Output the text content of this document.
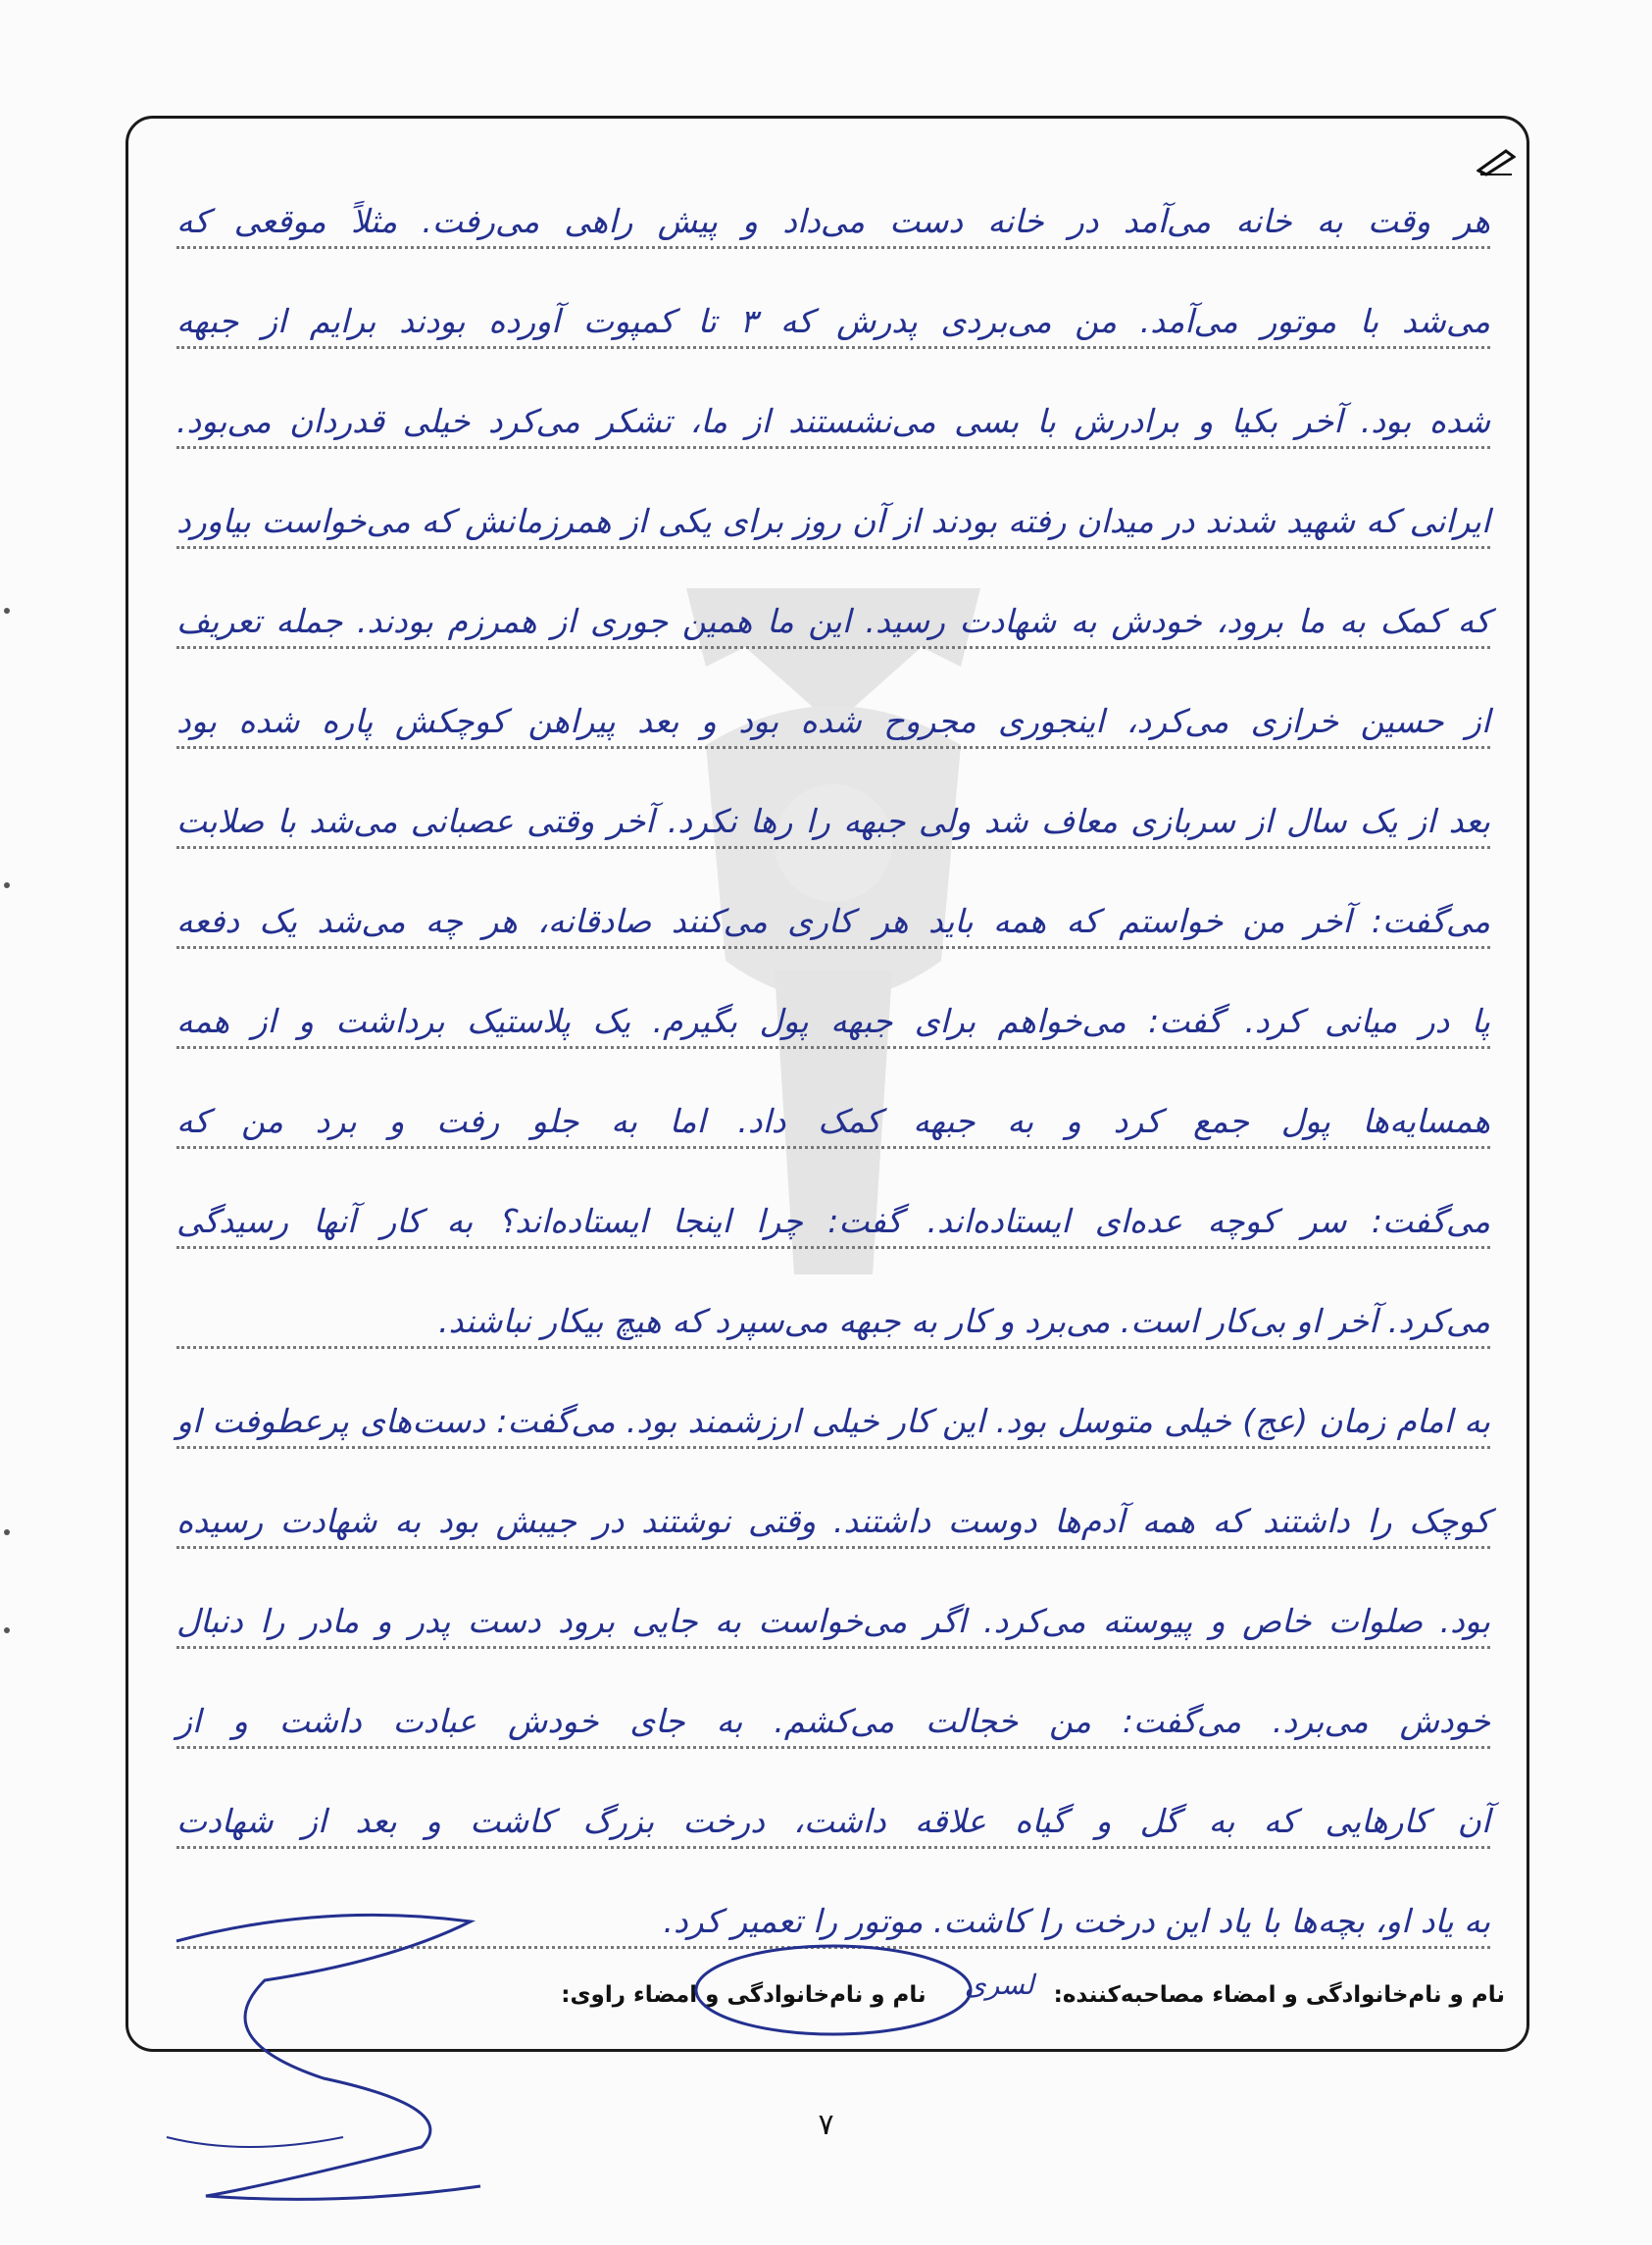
هر وقت به خانه می‌آمد در خانه دست می‌داد و پیش راهی می‌رفت. مثلاً موقعی که
می‌شد با موتور می‌آمد. من می‌بردی پدرش که ۳ تا کمپوت آورده بودند برایم از جبهه
شده بود. آخر بکیا و برادرش با بسی می‌نشستند از ما، تشکر می‌کرد خیلی قدردان می‌بود.
ایرانی که شهید شدند در میدان رفته بودند از آن روز برای یکی از همرزمانش که می‌خواست بیاورد
که کمک به ما برود، خودش به شهادت رسید. این ما همین جوری از همرزم بودند. جمله تعریف
از حسین خرازی می‌کرد، اینجوری مجروح شده بود و بعد پیراهن کوچکش پاره شده بود
بعد از یک سال از سربازی معاف شد ولی جبهه را رها نکرد. آخر وقتی عصبانی می‌شد با صلابت
می‌گفت: آخر من خواستم که همه باید هر کاری می‌کنند صادقانه، هر چه می‌شد یک دفعه
پا در میانی کرد. گفت: می‌خواهم برای جبهه پول بگیرم. یک پلاستیک برداشت و از همه
همسایه‌ها پول جمع کرد و به جبهه کمک داد. اما به جلو رفت و برد من که
می‌گفت: سر کوچه عده‌ای ایستاده‌اند. گفت: چرا اینجا ایستاده‌اند؟ به کار آنها رسیدگی
می‌کرد. آخر او بی‌کار است. می‌برد و کار به جبهه می‌سپرد که هیچ بیکار نباشند.
به امام زمان (عج) خیلی متوسل بود. این کار خیلی ارزشمند بود. می‌گفت: دست‌های پرعطوفت او
کوچک را داشتند که همه آدم‌ها دوست داشتند. وقتی نوشتند در جیبش بود به شهادت رسیده
بود. صلوات خاص و پیوسته می‌کرد. اگر می‌خواست به جایی برود دست پدر و مادر را دنبال
خودش می‌برد. می‌گفت: من خجالت می‌کشم. به جای خودش عبادت داشت و از
آن کارهایی که به گل و گیاه علاقه داشت، درخت بزرگ کاشت و بعد از شهادت
به یاد او، بچه‌ها با یاد این درخت را کاشت. موتور را تعمیر کرد.
نام و نام‌خانوادگی و امضاء مصاحبه‌کننده:
لسری
نام و نام‌خانوادگی و امضاء راوی:
۷
